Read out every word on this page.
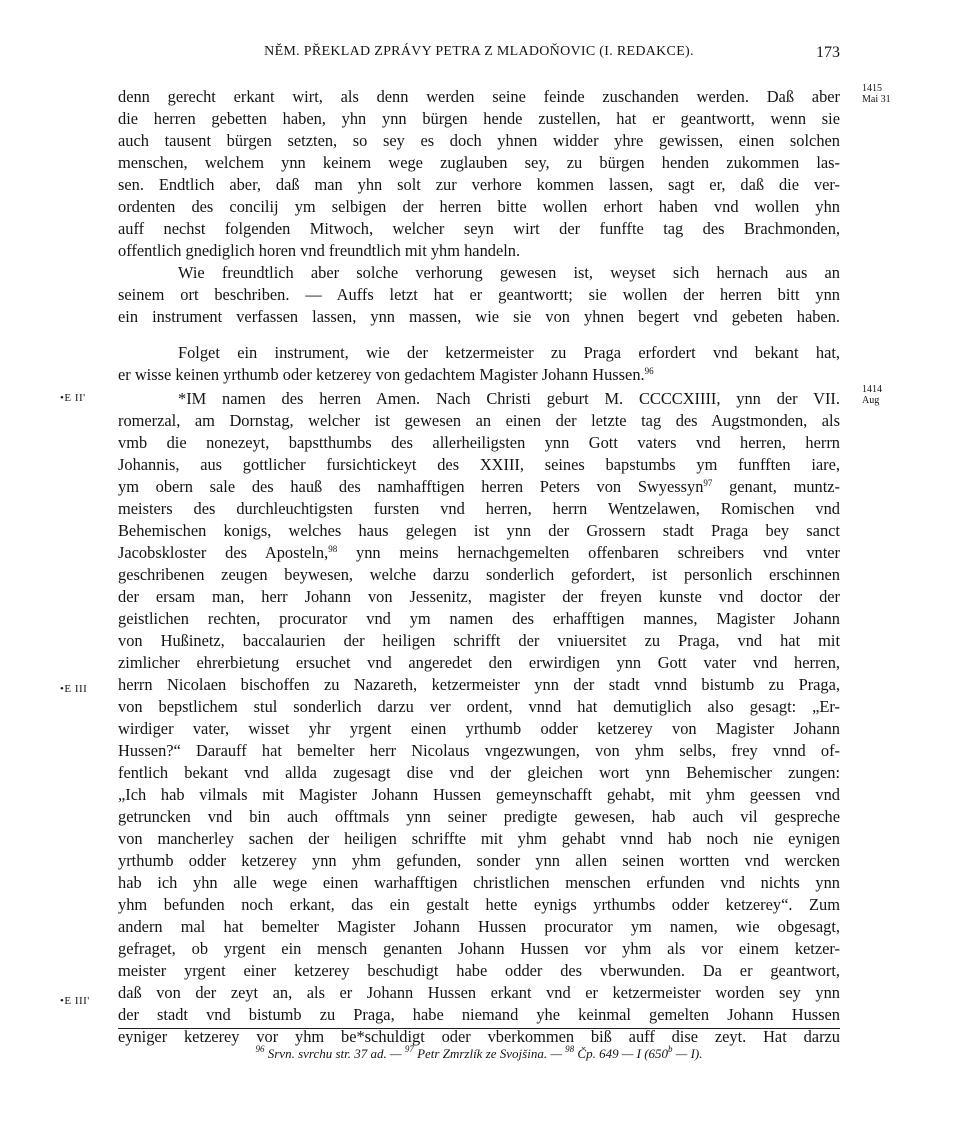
NĚM. PŘEKLAD ZPRÁVY PETRA Z MLADOŇOVIC (I. REDAKCE).	173
1415
Mai 31
1414
Aug
•E II'
•E III
•E III'
denn gerecht erkant wirt, als denn werden seine feinde zuschanden werden. Daß aber
die herren gebetten haben, yhn ynn bürgen hende zustellen, hat er geantwortt, wenn sie
auch tausent bürgen setzten, so sey es doch yhnen widder yhre gewissen, einen solchen
menschen, welchem ynn keinem wege zuglauben sey, zu bürgen henden zukommen las-
sen. Endtlich aber, daß man yhn solt zur verhore kommen lassen, sagt er, daß die ver-
ordenten des concilij ym selbigen der herren bitte wollen erhort haben vnd wollen yhn
auff nechst folgenden Mitwoch, welcher seyn wirt der funffte tag des Brachmonden,
offentlich gnediglich horen vnd freundtlich mit yhm handeln.
Wie freundtlich aber solche verhorung gewesen ist, weyset sich hernach aus an
seinem ort beschriben. — Auffs letzt hat er geantwortt; sie wollen der herren bitt ynn
ein instrument verfassen lassen, ynn massen, wie sie von yhnen begert vnd gebeten haben.
Folget ein instrument, wie der ketzermeister zu Praga erfordert vnd bekant hat,
er wisse keinen yrthumb oder ketzerey von gedachtem Magister Johann Hussen.$^{96}$
*IM namen des herren Amen. Nach Christi geburt M. CCCCXIIII, ynn der VII.
romerzal, am Dornstag, welcher ist gewesen an einen der letzte tag des Augstmonden, als
vmb die nonezeyt, bapstthumbs des allerheiligsten ynn Gott vaters vnd herren, herrn
Johannis, aus gottlicher fursichtickeyt des XXIII, seines bapstumbs ym funfften iare,
ym obern sale des hauß des namhafftigen herren Peters von Swyessyn$^{97}$ genant, muntz-
meisters des durchleuchtigsten fursten vnd herren, herrn Wentzelawen, Romischen vnd
Behemischen konigs, welches haus gelegen ist ynn der Grossern stadt Praga bey sanct
Jacobskloster des Aposteln,$^{98}$ ynn meins hernachgemelten offenbaren schreibers vnd vnter
geschribenen zeugen beywesen, welche darzu sonderlich gefordert, ist personlich erschinnen
der ersam man, herr Johann von Jessenitz, magister der freyen kunste vnd doctor der
geistlichen rechten, procurator vnd ym namen des erhafftigen mannes, Magister Johann
von Hußinetz, baccalaurien der heiligen schrifft der vniuersitet zu Praga, vnd hat mit
zimlicher ehrerbietung ersuchet vnd angeredet den erwirdigen ynn Gott vater vnd herren,
herrn Nicolaen bischoffen zu Nazareth, ketzermeister ynn der stadt vnnd bistumb zu Praga,
von bepstlichem stul sonderlich darzu ver ordent, vnnd hat demutiglich also gesagt: „Er-
wirdiger vater, wisset yhr yrgent einen yrthumb odder ketzerey von Magister Johann
Hussen?“ Darauff hat bemelter herr Nicolaus vngezwungen, von yhm selbs, frey vnnd of-
fentlich bekant vnd allda zugesagt dise vnd der gleichen wort ynn Behemischer zungen:
„Ich hab vilmals mit Magister Johann Hussen gemeynschafft gehabt, mit yhm geessen vnd
getruncken vnd bin auch offtmals ynn seiner predigte gewesen, hab auch vil gespreche
von mancherley sachen der heiligen schriffte mit yhm gehabt vnnd hab noch nie eynigen
yrthumb odder ketzerey ynn yhm gefunden, sonder ynn allen seinen wortten vnd wercken
hab ich yhn alle wege einen warhafftigen christlichen menschen erfunden vnd nichts ynn
yhm befunden noch erkant, das ein gestalt hette eynigs yrthumbs odder ketzerey“. Zum
andern mal hat bemelter Magister Johann Hussen procurator ym namen, wie obgesagt,
gefraget, ob yrgent ein mensch genanten Johann Hussen vor yhm als vor einem ketzer-
meister yrgent einer ketzerey beschudigt habe odder des vberwunden. Da er geantwort,
daß von der zeyt an, als er Johann Hussen erkant vnd er ketzermeister worden sey ynn
der stadt vnd bistumb zu Praga, habe niemand yhe keinmal gemelten Johann Hussen
eyniger ketzerey vor yhm be*schuldigt oder vberkommen biß auff dise zeyt. Hat darzu
$^{96}$ Srvn. svrchu str. 37 ad. — $^{97}$ Petr Zmrzlík ze Svojšina. — $^{98}$ Čp. 649 — I (650$^b$ — I).
